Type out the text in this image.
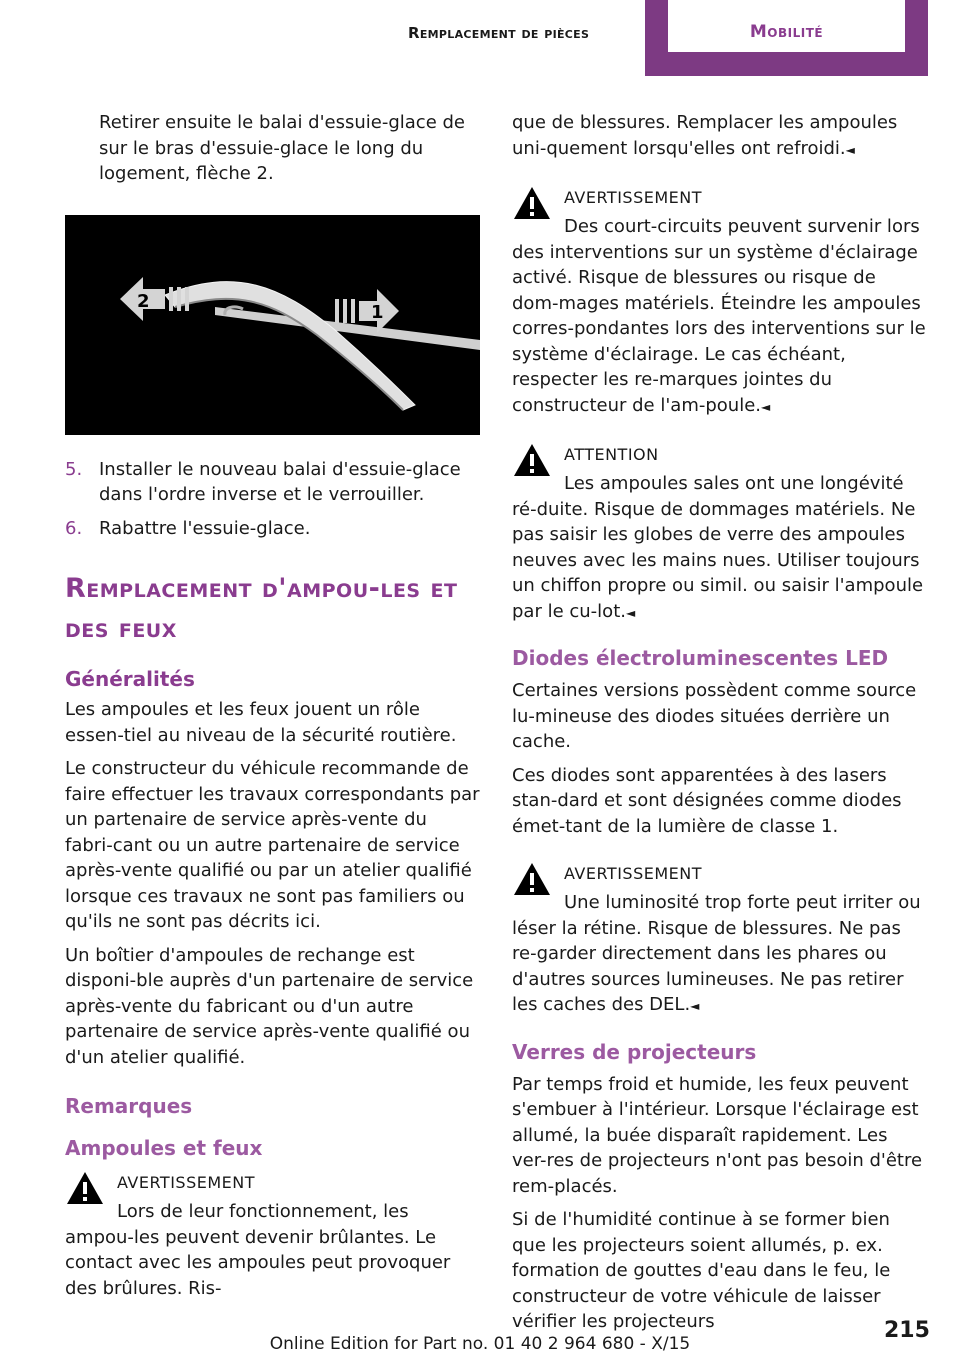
Remplacement de pièces	Mobilité

Retirer ensuite le balai d'essuie-glace de sur le bras d'essuie-glace le long du logement, flèche 2.

2
1
5. Installer le nouveau balai d'essuie-glace dans l'ordre inverse et le verrouiller.
6. Rabattre l'essuie-glace.
Remplacement d'ampou-les et des feux
Généralités

Les ampoules et les feux jouent un rôle essen-tiel au niveau de la sécurité routière.

Le constructeur du véhicule recommande de faire effectuer les travaux correspondants par un partenaire de service après-vente du fabri-cant ou un autre partenaire de service après-vente qualifié ou par un atelier qualifié lorsque ces travaux ne sont pas familiers ou qu'ils ne sont pas décrits ici.

Un boîtier d'ampoules de rechange est disponi-ble auprès d'un partenaire de service après-vente du fabricant ou d'un autre partenaire de service après-vente qualifié ou d'un atelier qualifié.

Remarques
Ampoules et feux
AVERTISSEMENT

Lors de leur fonctionnement, les ampou-les peuvent devenir brûlantes. Le contact avec les ampoules peut provoquer des brûlures. Ris-

que de blessures. Remplacer les ampoules uni-quement lorsqu'elles ont refroidi.◄

AVERTISSEMENT

Des court-circuits peuvent survenir lors des interventions sur un système d'éclairage activé. Risque de blessures ou risque de dom-mages matériels. Éteindre les ampoules corres-pondantes lors des interventions sur le système d'éclairage. Le cas échéant, respecter les re-marques jointes du constructeur de l'am-poule.◄

ATTENTION

Les ampoules sales ont une longévité ré-duite. Risque de dommages matériels. Ne pas saisir les globes de verre des ampoules neuves avec les mains nues. Utiliser toujours un chiffon propre ou simil. ou saisir l'ampoule par le cu-lot.◄

Diodes électroluminescentes LED

Certaines versions possèdent comme source lu-mineuse des diodes situées derrière un cache.

Ces diodes sont apparentées à des lasers stan-dard et sont désignées comme diodes émet-tant de la lumière de classe 1.

AVERTISSEMENT

Une luminosité trop forte peut irriter ou léser la rétine. Risque de blessures. Ne pas re-garder directement dans les phares ou d'autres sources lumineuses. Ne pas retirer les caches des DEL.◄

Verres de projecteurs

Par temps froid et humide, les feux peuvent s'embuer à l'intérieur. Lorsque l'éclairage est allumé, la buée disparaît rapidement. Les ver-res de projecteurs n'ont pas besoin d'être rem-placés.

Si de l'humidité continue à se former bien que les projecteurs soient allumés, p. ex. formation de gouttes d'eau dans le feu, le constructeur de votre véhicule de laisser vérifier les projecteurs	215
Online Edition for Part no. 01 40 2 964 680 - X/15
